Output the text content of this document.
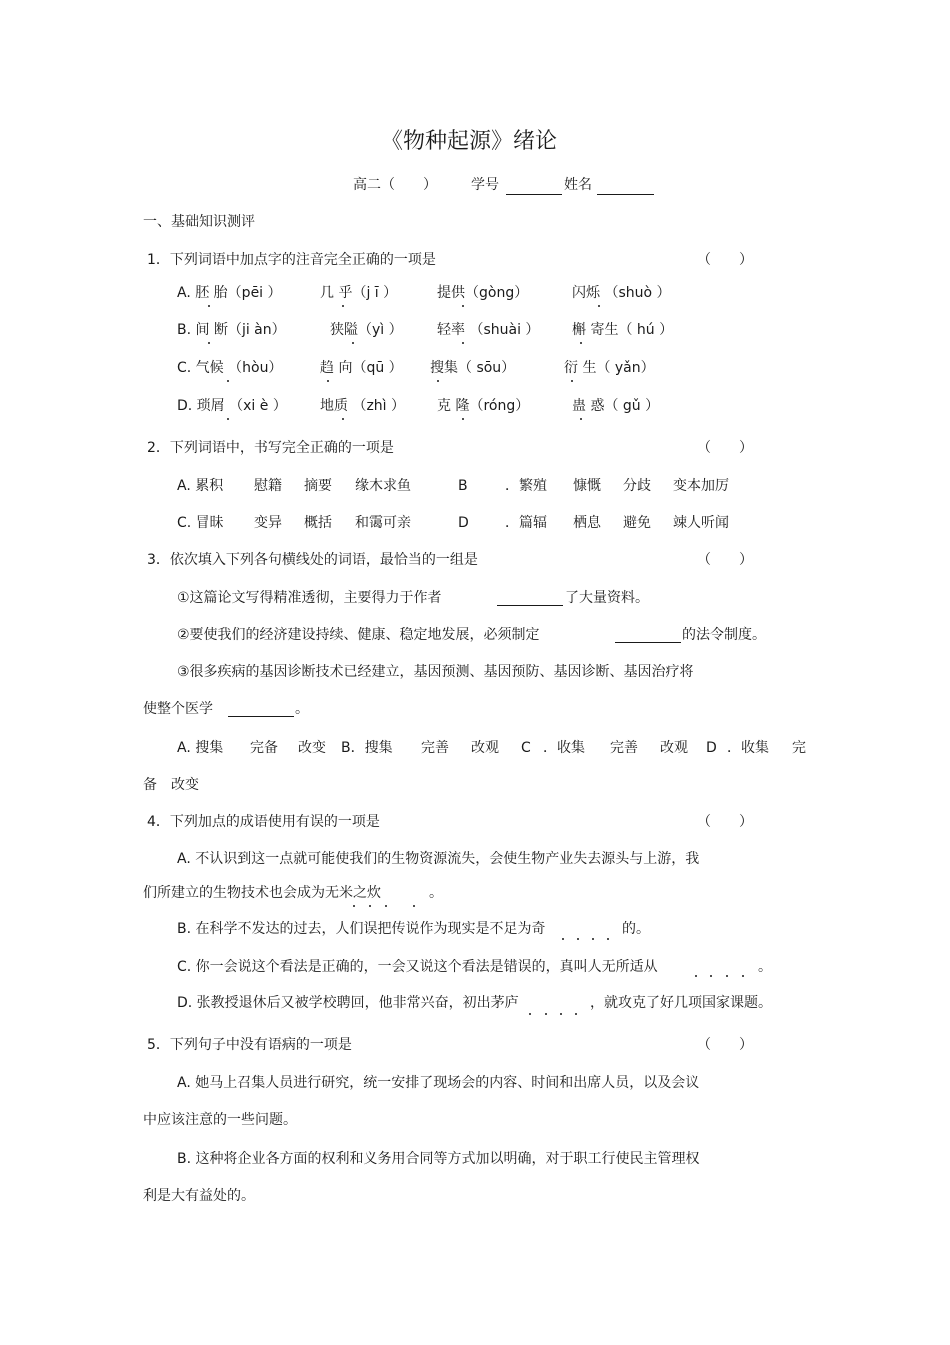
《物种起源》绪论
高二（　　） 学号	姓名
一、基础知识测评
1．下列词语中加点字的注音完全正确的一项是	（　　）
A. 胚 胎（pēi ）	几 乎（j ī ）	提供（gòng）	闪烁 （shuò ）
B. 间 断（ji àn）	狭隘（yì ） 轻率 （shuài ） 槲 寄生（ hú ）
C. 气候 （hòu）	趋 向（qū ） 搜集（ sōu）	衍 生（ yǎn）
D. 琐屑 （xi è ） 地质 （zhì ） 克 隆（róng）	蛊 惑（ gǔ ）
2．下列词语中，书写完全正确的一项是	（　　）
A. 累积 慰籍 摘要 缘木求鱼	B	．繁殖 慷慨 分歧 变本加厉
C. 冒昧 变异 概括 和霭可亲	D	．篇辐 栖息 避免 竦人听闻
3．依次填入下列各句横线处的词语，最恰当的一组是	（　　）
①这篇论文写得精准透彻，主要得力于作者	了大量资料。
②要使我们的经济建设持续、健康、稳定地发展，必须制定	的法令制度。
③很多疾病的基因诊断技术已经建立，基因预测、基因预防、基因诊断、基因治疗将
使整个医学	。
A. 搜集 完备 改变 B．搜集 完善 改观 C ．收集 完善 改观 D ．收集 完
备　改变
4．下列加点的成语使用有误的一项是	（　　）
A. 不认识到这一点就可能使我们的生物资源流失，会使生物产业失去源头与上游，我
们所建立的生物技术也会成为无米之炊	。
B. 在科学不发达的过去，人们误把传说作为现实是不足为奇	的。
C. 你一会说这个看法是正确的，一会又说这个看法是错误的，真叫人无所适从	。
D. 张教授退休后又被学校聘回，他非常兴奋，初出茅庐	，就攻克了好几项国家课题。
5．下列句子中没有语病的一项是	（　　）
A. 她马上召集人员进行研究，统一安排了现场会的内容、时间和出席人员，以及会议
中应该注意的一些问题。
B. 这种将企业各方面的权利和义务用合同等方式加以明确，对于职工行使民主管理权
利是大有益处的。
